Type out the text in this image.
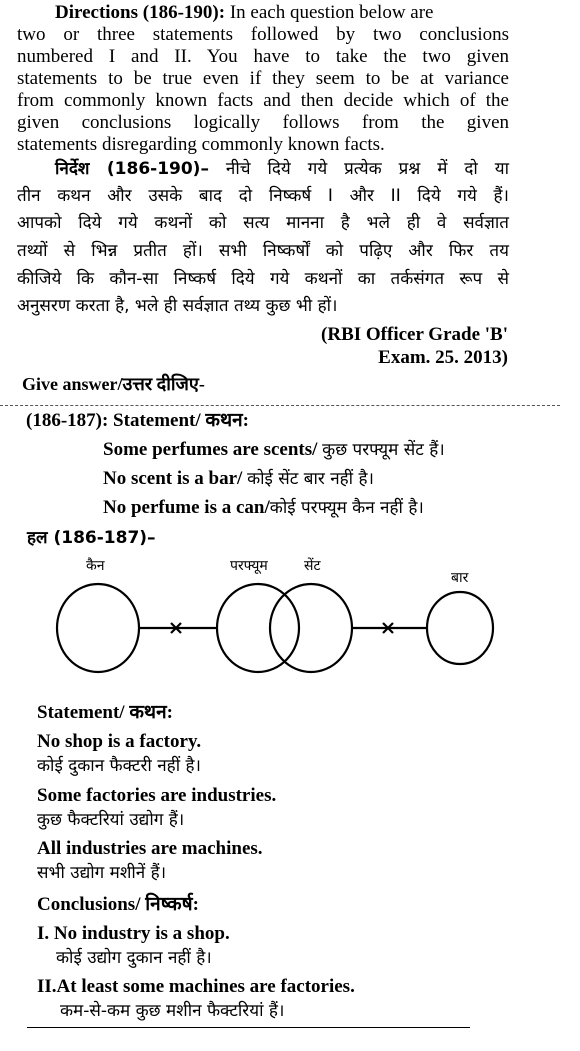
Directions (186-190): In each question below are
two or three statements followed by two conclusions
numbered I and II. You have to take the two given
statements to be true even if they seem to be at variance
from commonly known facts and then decide which of the
given conclusions logically follows from the given
statements disregarding commonly known facts.
निर्देश (186-190)– नीचे दिये गये प्रत्येक प्रश्न में दो या
तीन कथन और उसके बाद दो निष्कर्ष I और II दिये गये हैं।
आपको दिये गये कथनों को सत्य मानना है भले ही वे सर्वज्ञात
तथ्यों से भिन्न प्रतीत हों। सभी निष्कर्षों को पढ़िए और फिर तय
कीजिये कि कौन-सा निष्कर्ष दिये गये कथनों का तर्कसंगत रूप से
अनुसरण करता है, भले ही सर्वज्ञात तथ्य कुछ भी हों।
(RBI Officer Grade 'B'
Exam. 25. 2013)
Give answer/उत्तर दीजिए-
(186-187): Statement/ कथन:
Some perfumes are scents/ कुछ परफ्यूम सेंट हैं।
No scent is a bar/ कोई सेंट बार नहीं है।
No perfume is a can/कोई परफ्यूम कैन नहीं है।
हल (186-187)–
कैन	परफ्यूम	सेंट
बार
Statement/ कथन:
No shop is a factory.
कोई दुकान फैक्टरी नहीं है।
Some factories are industries.
कुछ फैक्टरियां उद्योग हैं।
All industries are machines.
सभी उद्योग मशीनें हैं।
Conclusions/ निष्कर्ष:
I. No industry is a shop.
कोई उद्योग दुकान नहीं है।
II.At least some machines are factories.
कम-से-कम कुछ मशीन फैक्टरियां हैं।
